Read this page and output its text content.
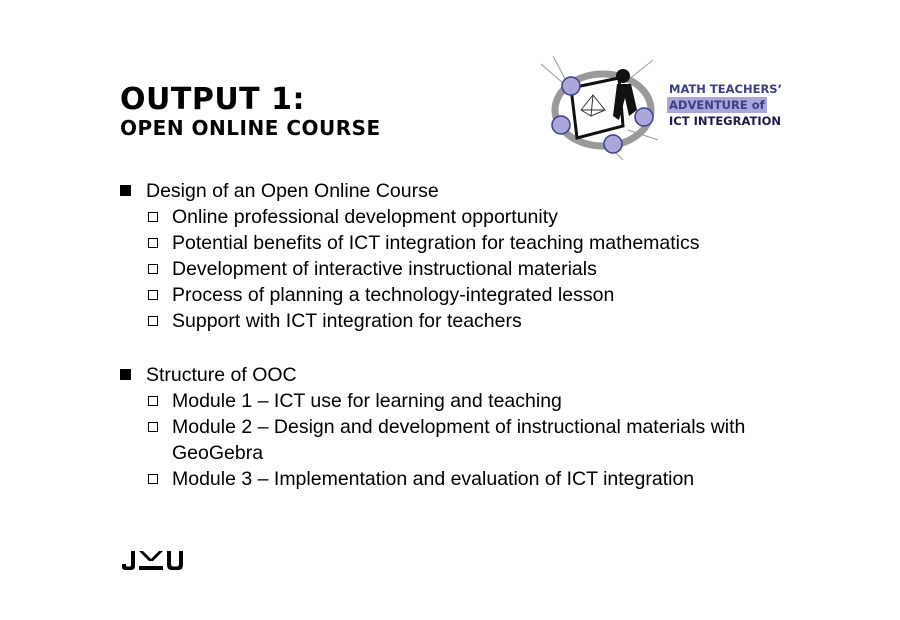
OUTPUT 1:
OPEN ONLINE COURSE
MATH TEACHERS’
ADVENTURE of
ICT INTEGRATION
Design of an Open Online Course
Online professional development opportunity
Potential benefits of ICT integration for teaching mathematics
Development of interactive instructional materials
Process of planning a technology-integrated lesson
Support with ICT integration for teachers
Structure of OOC
Module 1 – ICT use for learning and teaching
Module 2 – Design and development of instructional materials with GeoGebra
Module 3 – Implementation and evaluation of ICT integration
